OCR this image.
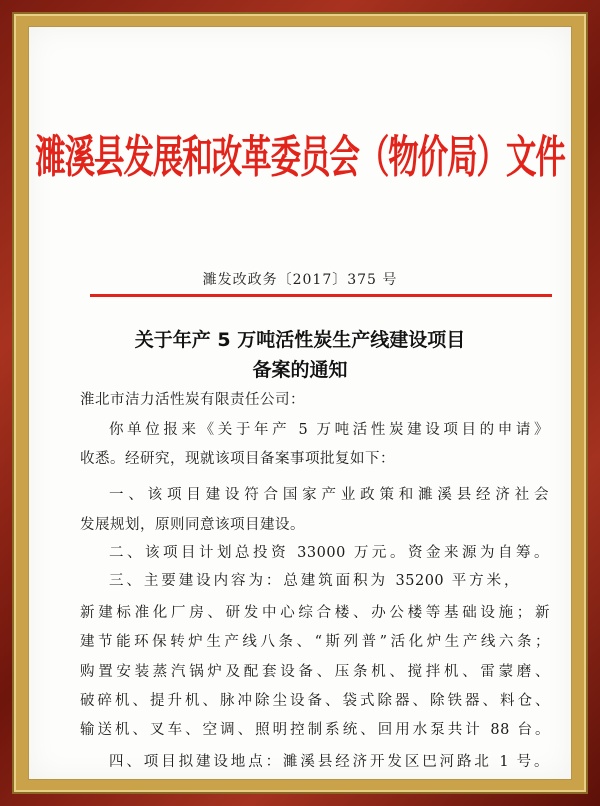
濉溪县发展和改革委员会（物价局）文件
濉发改政务〔2017〕375 号
关于年产 5 万吨活性炭生产线建设项目
备案的通知
淮北市洁力活性炭有限责任公司：
你单位报来《关于年产 5 万吨活性炭建设项目的申请》
收悉。经研究，现就该项目备案事项批复如下：
一、该项目建设符合国家产业政策和濉溪县经济社会
发展规划，原则同意该项目建设。
二、该项目计划总投资 33000 万元。资金来源为自筹。
三、主要建设内容为：总建筑面积为 35200 平方米，
新建标准化厂房、研发中心综合楼、办公楼等基础设施；新
建节能环保转炉生产线八条、“斯列普”活化炉生产线六条；
购置安装蒸汽锅炉及配套设备、压条机、搅拌机、雷蒙磨、
破碎机、提升机、脉冲除尘设备、袋式除器、除铁器、料仓、
输送机、叉车、空调、照明控制系统、回用水泵共计 88 台。
四、项目拟建设地点：濉溪县经济开发区巴河路北 1 号。
